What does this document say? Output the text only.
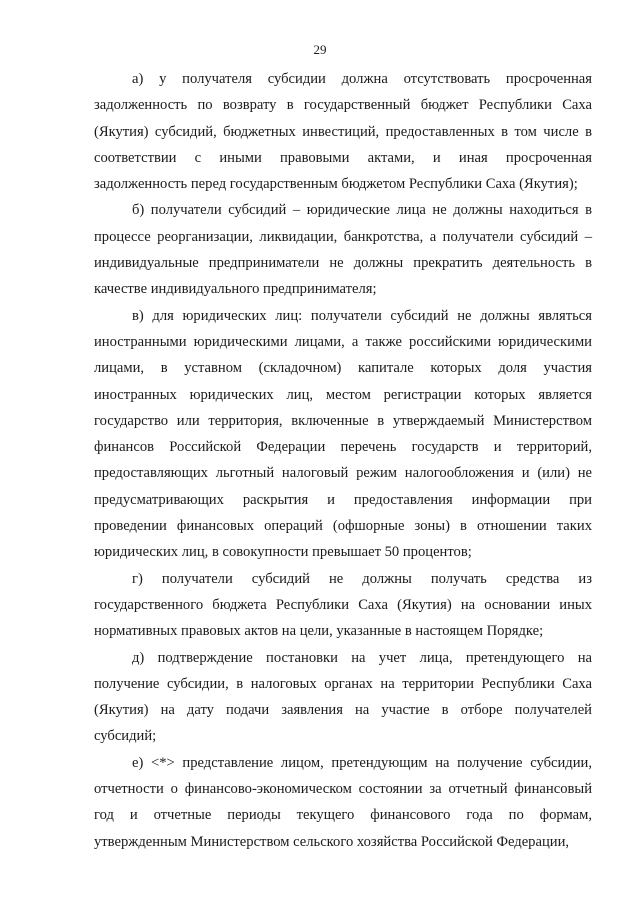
29
а) у получателя субсидии должна отсутствовать просроченная
задолженность по возврату в государственный бюджет Республики Саха
(Якутия) субсидий, бюджетных инвестиций, предоставленных в том числе в
соответствии с иными правовыми актами, и иная просроченная
задолженность перед государственным бюджетом Республики Саха (Якутия);
б) получатели субсидий – юридические лица не должны находиться в
процессе реорганизации, ликвидации, банкротства, а получатели субсидий –
индивидуальные предприниматели не должны прекратить деятельность в
качестве индивидуального предпринимателя;
в) для юридических лиц: получатели субсидий не должны являться
иностранными юридическими лицами, а также российскими юридическими
лицами, в уставном (складочном) капитале которых доля участия
иностранных юридических лиц, местом регистрации которых является
государство или территория, включенные в утверждаемый Министерством
финансов Российской Федерации перечень государств и территорий,
предоставляющих льготный налоговый режим налогообложения и (или) не
предусматривающих раскрытия и предоставления информации при
проведении финансовых операций (офшорные зоны) в отношении таких
юридических лиц, в совокупности превышает 50 процентов;
г) получатели субсидий не должны получать средства из
государственного бюджета Республики Саха (Якутия) на основании иных
нормативных правовых актов на цели, указанные в настоящем Порядке;
д) подтверждение постановки на учет лица, претендующего на
получение субсидии, в налоговых органах на территории Республики Саха
(Якутия) на дату подачи заявления на участие в отборе получателей
субсидий;
е) <*> представление лицом, претендующим на получение субсидии,
отчетности о финансово-экономическом состоянии за отчетный финансовый
год и отчетные периоды текущего финансового года по формам,
утвержденным Министерством сельского хозяйства Российской Федерации,
